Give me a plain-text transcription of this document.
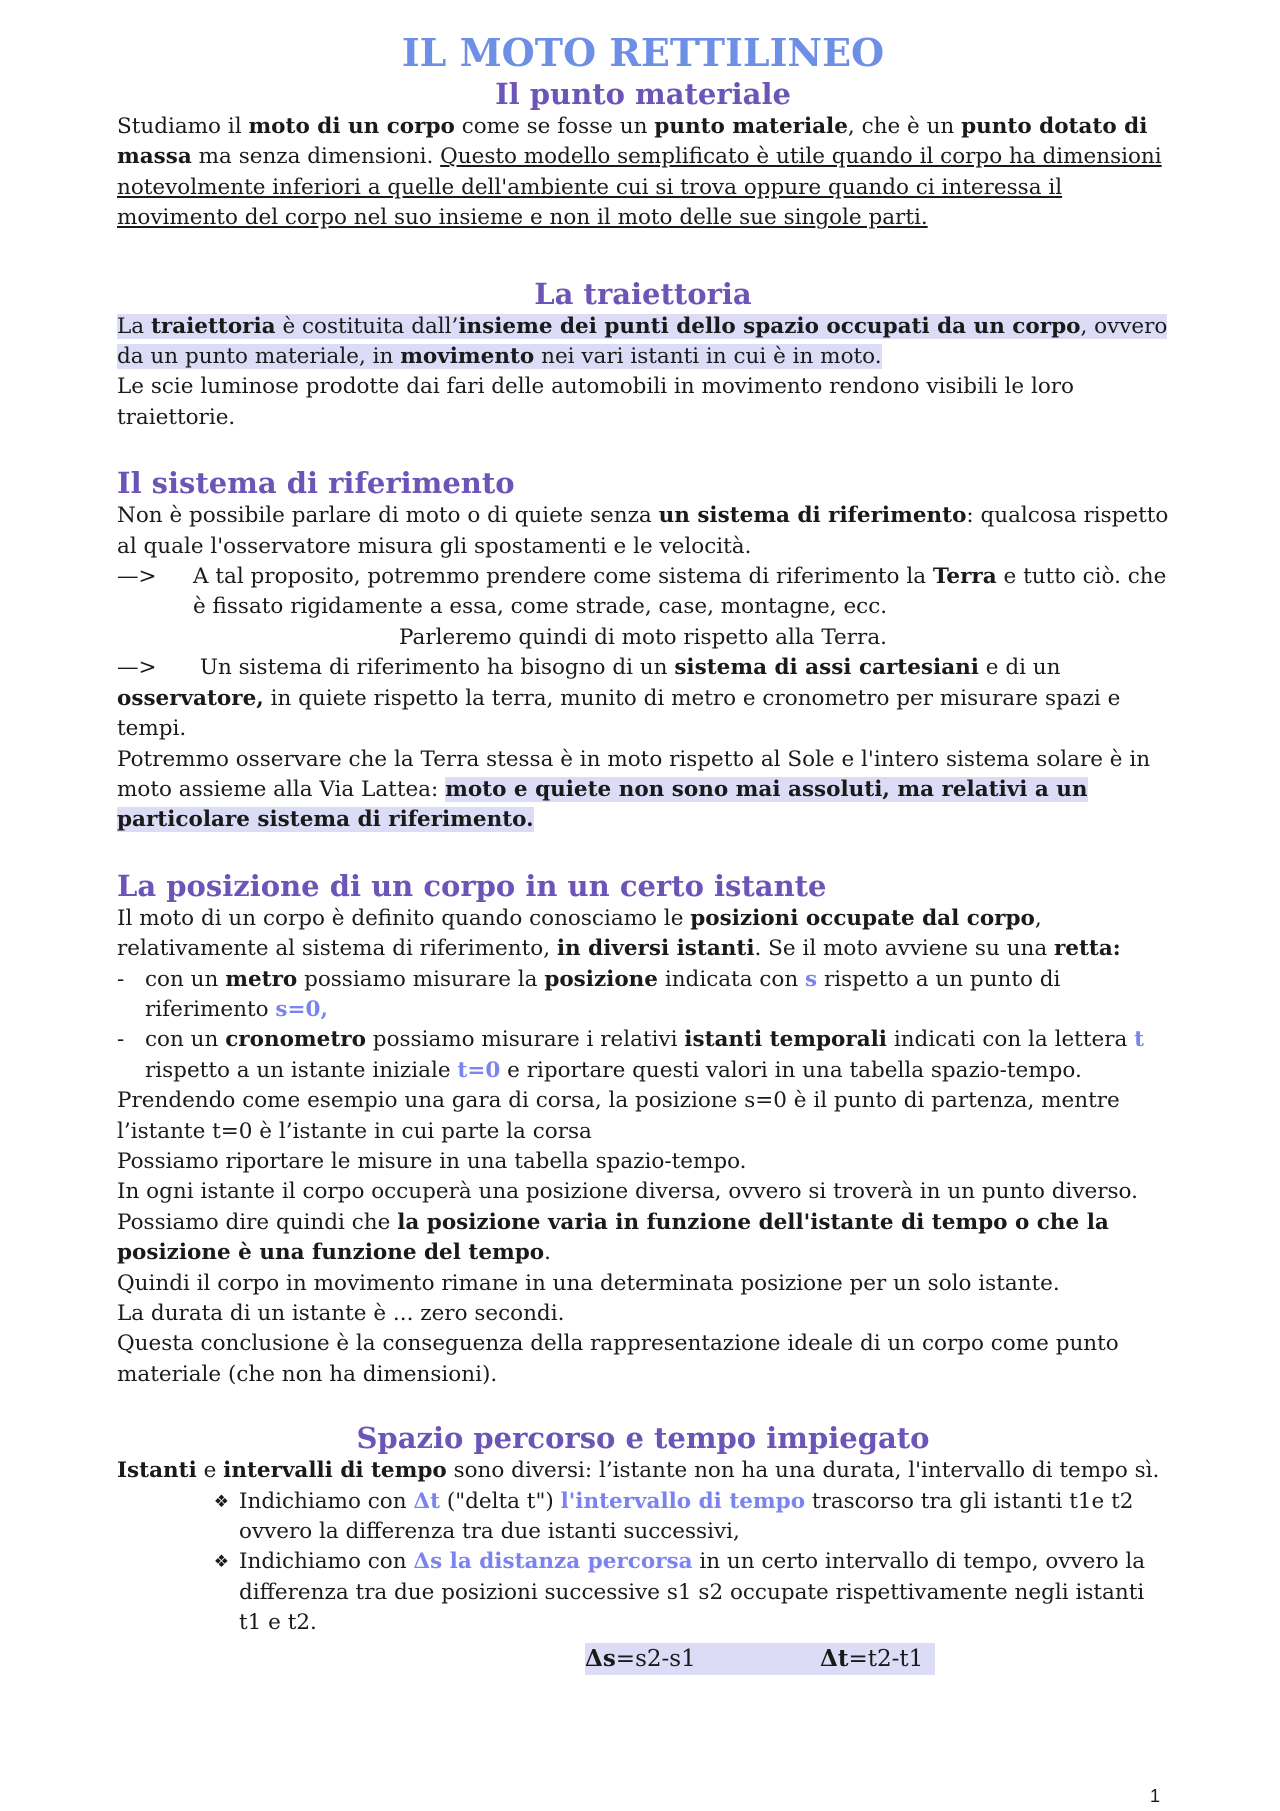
IL MOTO RETTILINEO
Il punto materiale

Studiamo il moto di un corpo come se fosse un punto materiale, che è un punto dotato di massa ma senza dimensioni. Questo modello semplificato è utile quando il corpo ha dimensioni notevolmente inferiori a quelle dell'ambiente cui si trova oppure quando ci interessa il movimento del corpo nel suo insieme e non il moto delle sue singole parti.

La traiettoria

La traiettoria è costituita dall’insieme dei punti dello spazio occupati da un corpo, ovvero da un punto materiale, in movimento nei vari istanti in cui è in moto.

Le scie luminose prodotte dai fari delle automobili in movimento rendono visibili le loro traiettorie.

Il sistema di riferimento

Non è possibile parlare di moto o di quiete senza un sistema di riferimento: qualcosa rispetto al quale l'osservatore misura gli spostamenti e le velocità.

—>	A tal proposito, potremmo prendere come sistema di riferimento la Terra e tutto ciò. che è fissato rigidamente a essa, come strade, case, montagne, ecc.

Parleremo quindi di moto rispetto alla Terra.

—> Un sistema di riferimento ha bisogno di un sistema di assi cartesiani e di un osservatore, in quiete rispetto la terra, munito di metro e cronometro per misurare spazi e tempi.

Potremmo osservare che la Terra stessa è in moto rispetto al Sole e l'intero sistema solare è in moto assieme alla Via Lattea: moto e quiete non sono mai assoluti, ma relativi a un particolare sistema di riferimento.

La posizione di un corpo in un certo istante

Il moto di un corpo è definito quando conosciamo le posizioni occupate dal corpo, relativamente al sistema di riferimento, in diversi istanti. Se il moto avviene su una retta:

- con un metro possiamo misurare la posizione indicata con s rispetto a un punto di riferimento s=0,

- con un cronometro possiamo misurare i relativi istanti temporali indicati con la lettera t rispetto a un istante iniziale t=0 e riportare questi valori in una tabella spazio-tempo.

Prendendo come esempio una gara di corsa, la posizione s=0 è il punto di partenza, mentre l’istante t=0 è l’istante in cui parte la corsa

Possiamo riportare le misure in una tabella spazio-tempo.

In ogni istante il corpo occuperà una posizione diversa, ovvero si troverà in un punto diverso.

Possiamo dire quindi che la posizione varia in funzione dell'istante di tempo o che la posizione è una funzione del tempo.

Quindi il corpo in movimento rimane in una determinata posizione per un solo istante.

La durata di un istante è ... zero secondi.

Questa conclusione è la conseguenza della rappresentazione ideale di un corpo come punto materiale (che non ha dimensioni).

Spazio percorso e tempo impiegato

Istanti e intervalli di tempo sono diversi: l’istante non ha una durata, l'intervallo di tempo sì.

❖ Indichiamo con Δt ("delta t") l'intervallo di tempo trascorso tra gli istanti t1e t2 ovvero la differenza tra due istanti successivi,

❖ Indichiamo con Δs la distanza percorsa in un certo intervallo di tempo, ovvero la differenza tra due posizioni successive s1 s2 occupate rispettivamente negli istanti t1 e t2.

Δs=s2-s1	Δt=t2-t1
1
